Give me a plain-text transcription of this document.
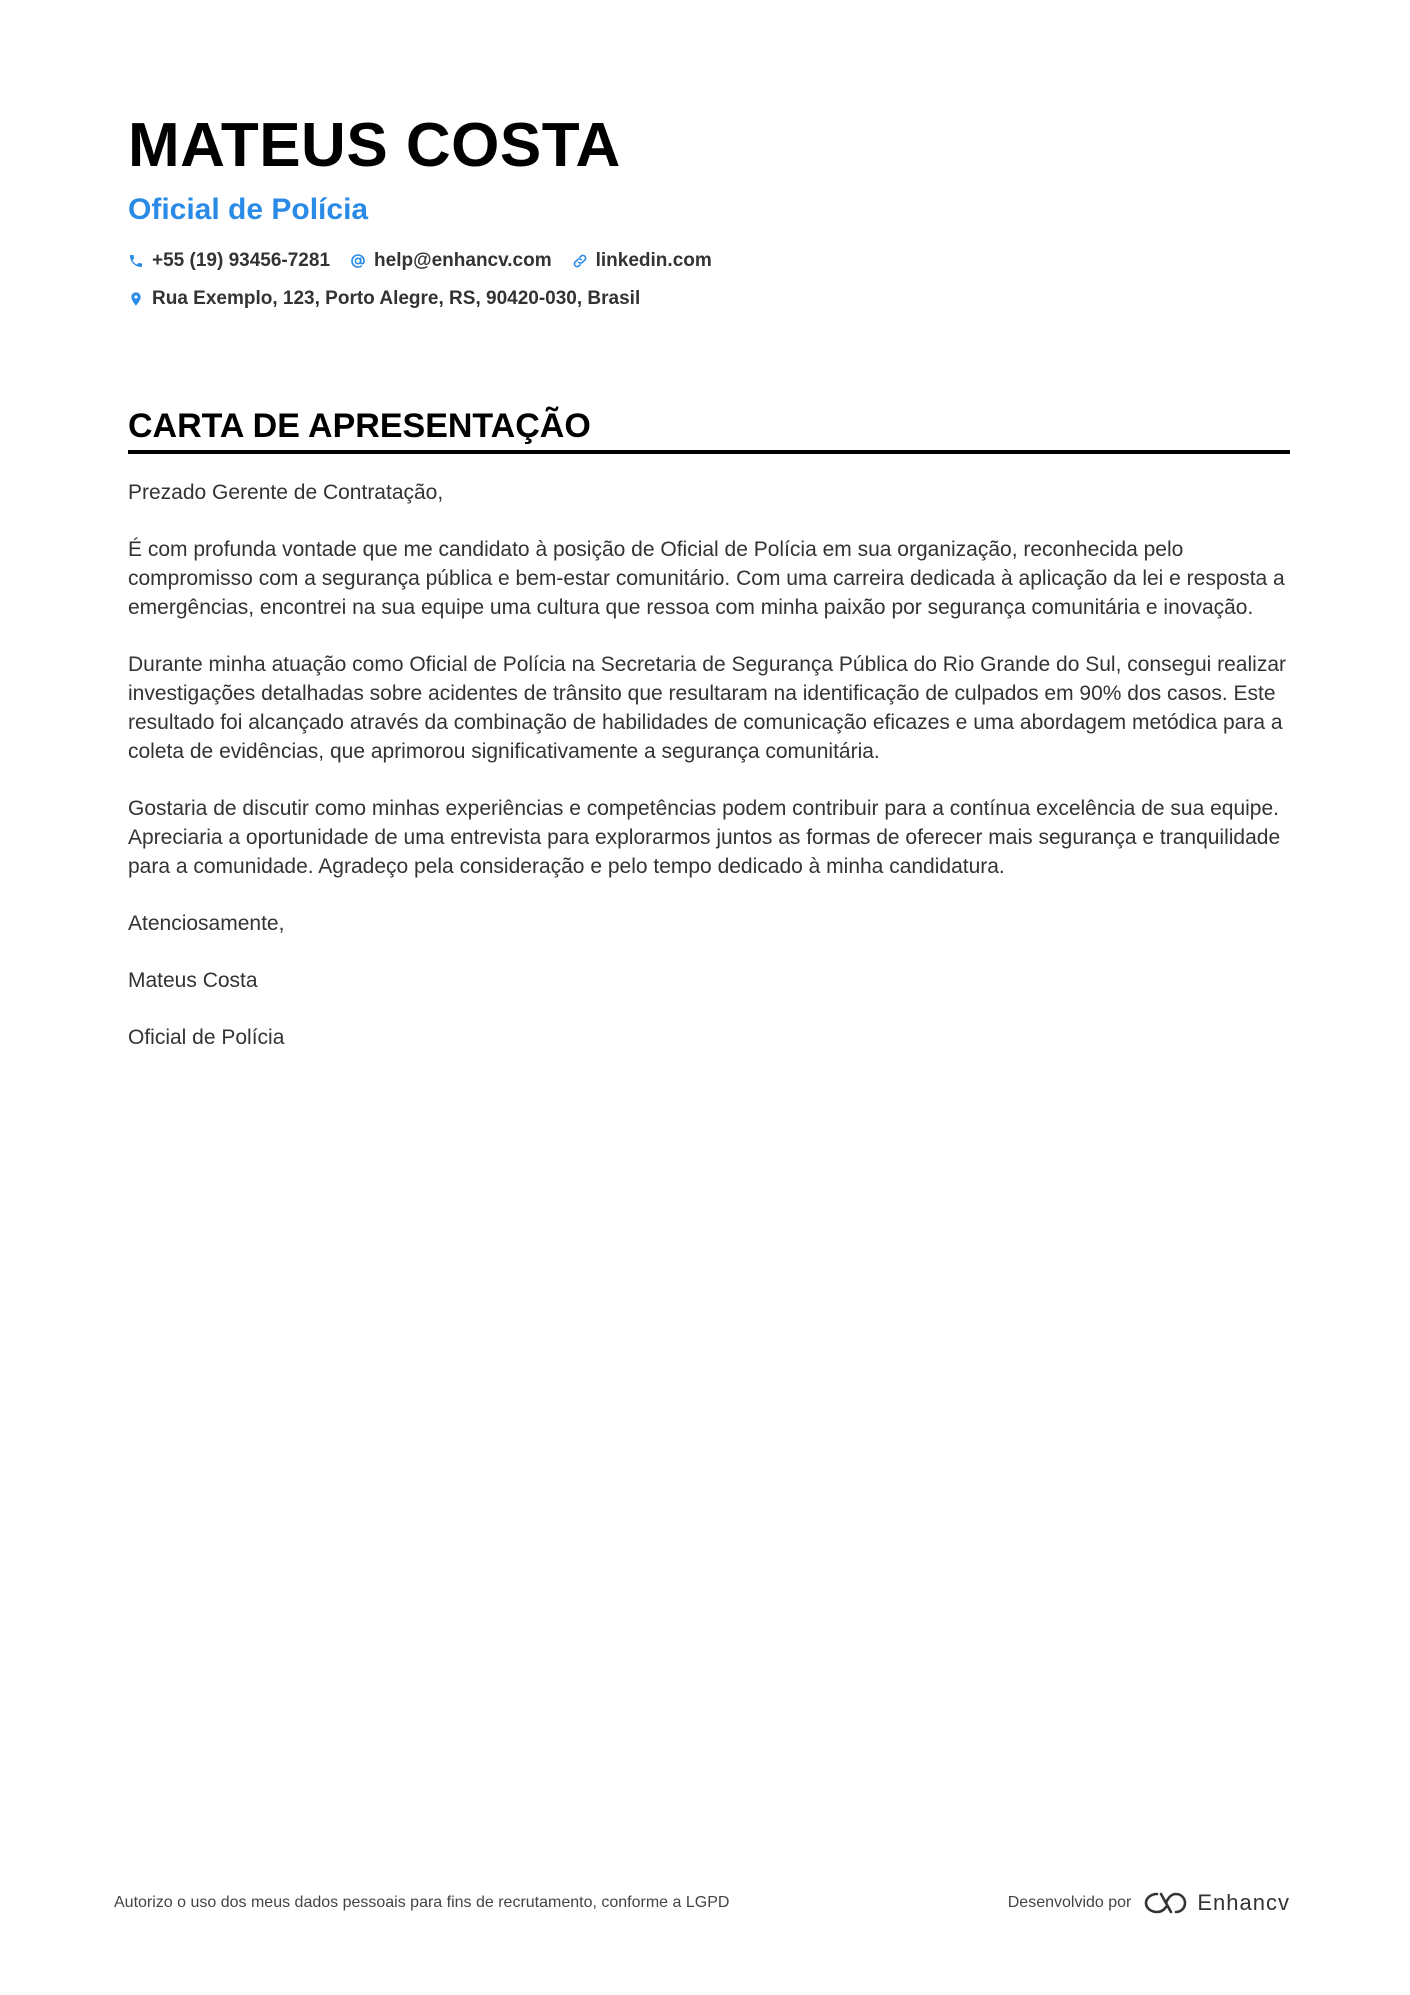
MATEUS COSTA
Oficial de Polícia
+55 (19) 93456-7281 help@enhancv.com linkedin.com
Rua Exemplo, 123, Porto Alegre, RS, 90420-030, Brasil
CARTA DE APRESENTAÇÃO

Prezado Gerente de Contratação,

É com profunda vontade que me candidato à posição de Oficial de Polícia em sua organização, reconhecida pelo compromisso com a segurança pública e bem-estar comunitário. Com uma carreira dedicada à aplicação da lei e resposta a emergências, encontrei na sua equipe uma cultura que ressoa com minha paixão por segurança comunitária e inovação.

Durante minha atuação como Oficial de Polícia na Secretaria de Segurança Pública do Rio Grande do Sul, consegui realizar investigações detalhadas sobre acidentes de trânsito que resultaram na identificação de culpados em 90% dos casos. Este resultado foi alcançado através da combinação de habilidades de comunicação eficazes e uma abordagem metódica para a coleta de evidências, que aprimorou significativamente a segurança comunitária.

Gostaria de discutir como minhas experiências e competências podem contribuir para a contínua excelência de sua equipe. Apreciaria a oportunidade de uma entrevista para explorarmos juntos as formas de oferecer mais segurança e tranquilidade para a comunidade. Agradeço pela consideração e pelo tempo dedicado à minha candidatura.

Atenciosamente,

Mateus Costa

Oficial de Polícia

Autorizo o uso dos meus dados pessoais para fins de recrutamento, conforme a LGPD	Desenvolvido por	Enhancv
